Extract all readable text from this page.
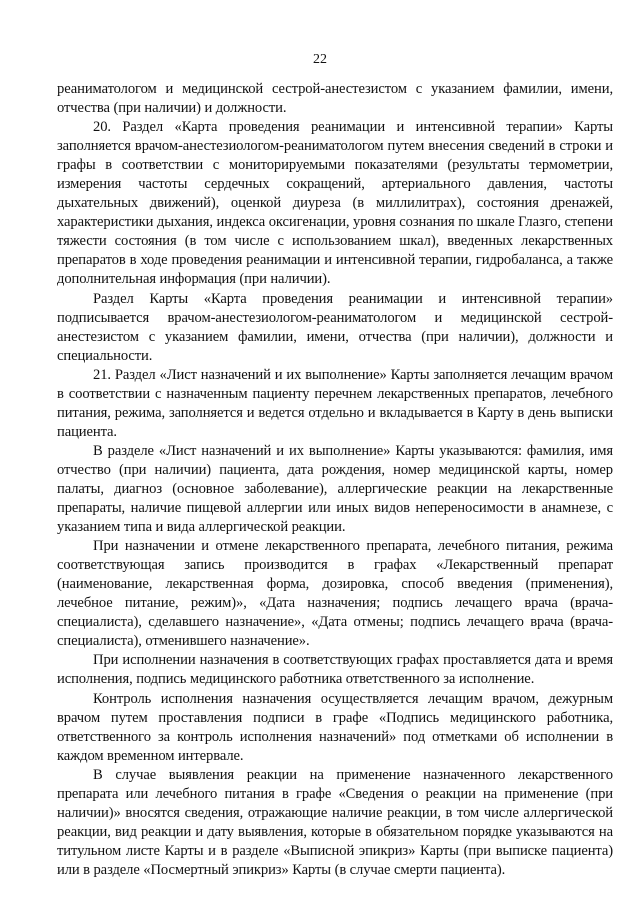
22

реаниматологом и медицинской сестрой-анестезистом с указанием фамилии, имени, отчества (при наличии) и должности.

20. Раздел «Карта проведения реанимации и интенсивной терапии» Карты заполняется врачом-анестезиологом-реаниматологом путем внесения сведений в строки и графы в соответствии с мониторируемыми показателями (результаты термометрии, измерения частоты сердечных сокращений, артериального давления, частоты дыхательных движений), оценкой диуреза (в миллилитрах), состояния дренажей, характеристики дыхания, индекса оксигенации, уровня сознания по шкале Глазго, степени тяжести состояния (в том числе с использованием шкал), введенных лекарственных препаратов в ходе проведения реанимации и интенсивной терапии, гидробаланса, а также дополнительная информация (при наличии).

Раздел Карты «Карта проведения реанимации и интенсивной терапии» подписывается врачом-анестезиологом-реаниматологом и медицинской сестрой-анестезистом с указанием фамилии, имени, отчества (при наличии), должности и специальности.

21. Раздел «Лист назначений и их выполнение» Карты заполняется лечащим врачом в соответствии с назначенным пациенту перечнем лекарственных препаратов, лечебного питания, режима, заполняется и ведется отдельно и вкладывается в Карту в день выписки пациента.

В разделе «Лист назначений и их выполнение» Карты указываются: фамилия, имя отчество (при наличии) пациента, дата рождения, номер медицинской карты, номер палаты, диагноз (основное заболевание), аллергические реакции на лекарственные препараты, наличие пищевой аллергии или иных видов непереносимости в анамнезе, с указанием типа и вида аллергической реакции.

При назначении и отмене лекарственного препарата, лечебного питания, режима соответствующая запись производится в графах «Лекарственный препарат (наименование, лекарственная форма, дозировка, способ введения (применения), лечебное питание, режим)», «Дата назначения; подпись лечащего врача (врача-специалиста), сделавшего назначение», «Дата отмены; подпись лечащего врача (врача-специалиста), отменившего назначение».

При исполнении назначения в соответствующих графах проставляется дата и время исполнения, подпись медицинского работника ответственного за исполнение.

Контроль исполнения назначения осуществляется лечащим врачом, дежурным врачом путем проставления подписи в графе «Подпись медицинского работника, ответственного за контроль исполнения назначений» под отметками об исполнении в каждом временном интервале.

В случае выявления реакции на применение назначенного лекарственного препарата или лечебного питания в графе «Сведения о реакции на применение (при наличии)» вносятся сведения, отражающие наличие реакции, в том числе аллергической реакции, вид реакции и дату выявления, которые в обязательном порядке указываются на титульном листе Карты и в разделе «Выписной эпикриз» Карты (при выписке пациента) или в разделе «Посмертный эпикриз» Карты (в случае смерти пациента).
